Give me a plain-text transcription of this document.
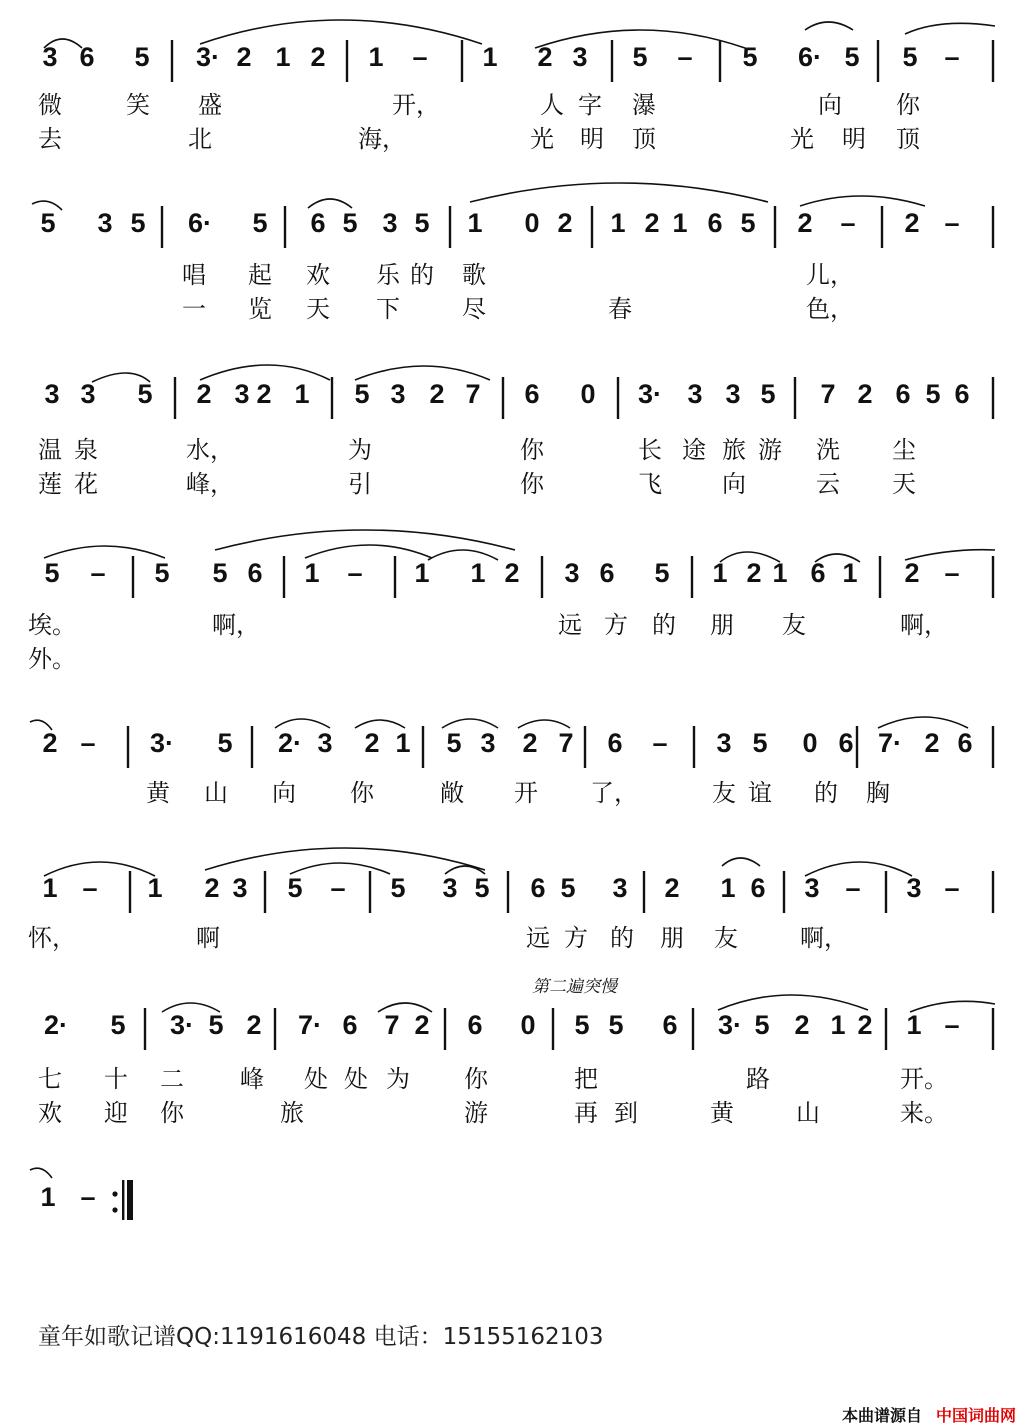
3 6	5	3· 2 1 2	1	–	1	2 3	5	–	5	6· 5	5 –
微	笑	盛	开，	人 字	瀑	向	你
去	北	海，	光	明	顶	光	明	顶
5	3 5	6·	5	6 5 3 5	1	0 2	1 2 1 6 5	2	–	2 –
唱	起	欢	乐 的	歌	儿，
一	览	天	下	尽	春	色，
3 3	5	2 3 2 1	5 3 2 7	6	0	3· 3 3 5	7 2 6 5 6
温 泉	水，	为	你	长 途 旅 游	洗	尘
莲 花	峰，	引	你	飞	向	云	天
5	–	5	5 6	1	–	1	1 2	3 6	5	1 2 1 6 1	2 –
埃。	啊，	远 方	的	朋	友	啊，
外。
2 –	3·	5	2· 3	2 1	5 3 2 7	6	–	3 5	0 6 7· 2 6
黄	山	向	你	敞	开	了，	友 谊	的	胸
1 –	1	2 3	5	–	5	3 5	6 5	3	2	1 6	3 –	3 –
怀，	啊	远 方 的	朋	友	啊，
第二遍突慢
2·	5	3· 5 2	7· 6 7 2	6	0	5 5	6	3· 5 2 1 2	1 –
七	十	二	峰	处 处 为	你	把	路	开。
欢	迎	你	旅	游	再 到	黄	山	来。
1 –
童年如歌记谱QQ:1191616048 电话：15155162103
本曲谱源自 中国词曲网
